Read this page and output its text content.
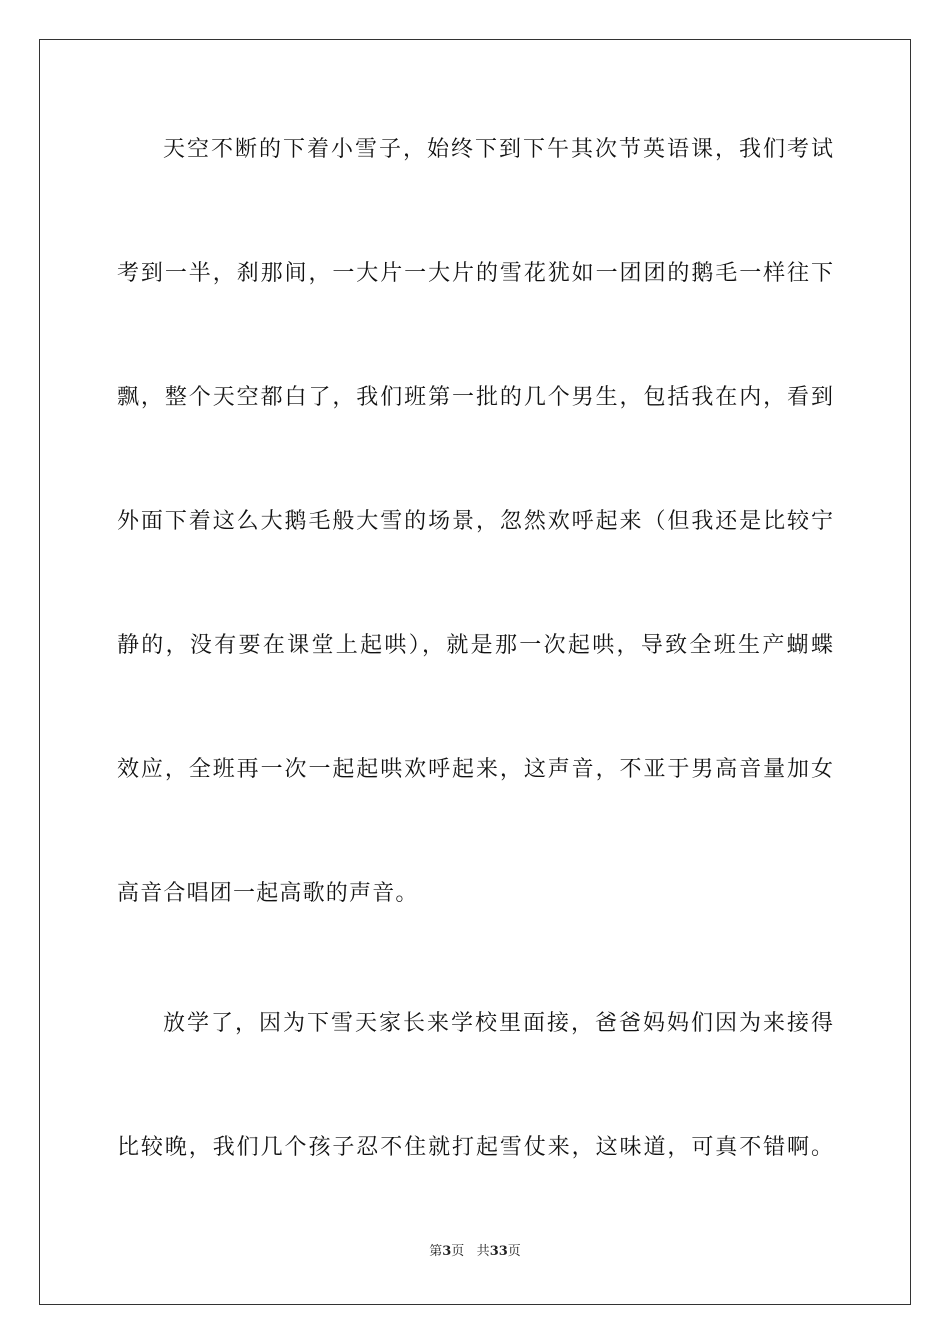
天空不断的下着小雪子，始终下到下午其次节英语课，我们考试
考到一半，刹那间，一大片一大片的雪花犹如一团团的鹅毛一样往下
飘，整个天空都白了，我们班第一批的几个男生，包括我在内，看到
外面下着这么大鹅毛般大雪的场景，忽然欢呼起来（但我还是比较宁
静的，没有要在课堂上起哄），就是那一次起哄，导致全班生产蝴蝶
效应，全班再一次一起起哄欢呼起来，这声音，不亚于男高音量加女
高音合唱团一起高歌的声音。
放学了，因为下雪天家长来学校里面接，爸爸妈妈们因为来接得
比较晚，我们几个孩子忍不住就打起雪仗来，这味道，可真不错啊。
第3页 共33页
